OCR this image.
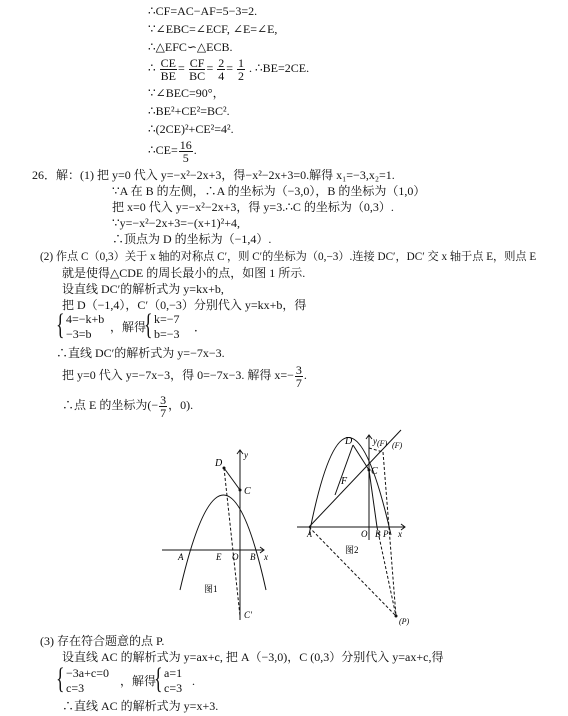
∴CF=AC−AF=5−3=2.
∵∠EBC=∠ECF, ∠E=∠E,
∴△EFC∽△ECB.
∴ $\frac{CE}{BE} = \frac{CF}{BC} = \frac{2}{4} = \frac{1}{2}$ . ∴BE=2CE.
∵∠BEC=90°，
∴BE²+CE²=BC².
∴(2CE)²+CE²=4².
∴CE= $\frac{16}{5}$ .
26．解：(1) 把 y=0 代入 y=−x²−2x+3，得−x²−2x+3=0.解得 x₁=−3,x₂=1.
∵A 在 B 的左侧，∴A 的坐标为（−3,0），B 的坐标为（1,0）
把 x=0 代入 y=−x²−2x+3，得 y=3.∴C 的坐标为（0,3）.
∵y=−x²−2x+3=−(x+1)²+4,
∴顶点为 D 的坐标为（−1,4）.
(2) 作点 C（0,3）关于 x 轴的对称点 C′，则 C′的坐标为（0,−3）.连接 DC′，DC′ 交 x 轴于点 E，则点 E
就是使得△CDE 的周长最小的点，如图 1 所示.
设直线 DC′的解析式为 y=kx+b,
把 D（−1,4），C′（0,−3）分别代入 y=kx+b，得
{ 4=−k+b
−3=b ，解得
{ k=−7
b=−3 ．
∴直线 DC′的解析式为 y=−7x−3.
把 y=0 代入 y=−7x−3，得 0=−7x−3. 解得 $x=- \frac{3}{7}$ .
∴点 E 的坐标为(− $\frac{3}{7}$ ，0).
D
C
y
x
A	E O B
C′
图1
D
F
C
y (F) (F)
x
A	O B P
(P)
图2
(3) 存在符合题意的点 P.
设直线 AC 的解析式为 y=ax+c, 把 A（−3,0)，C (0,3）分别代入 y=ax+c,得
{ −3a+c=0
c=3	，解得
{ a=1
c=3 .
∴直线 AC 的解析式为 y=x+3.
